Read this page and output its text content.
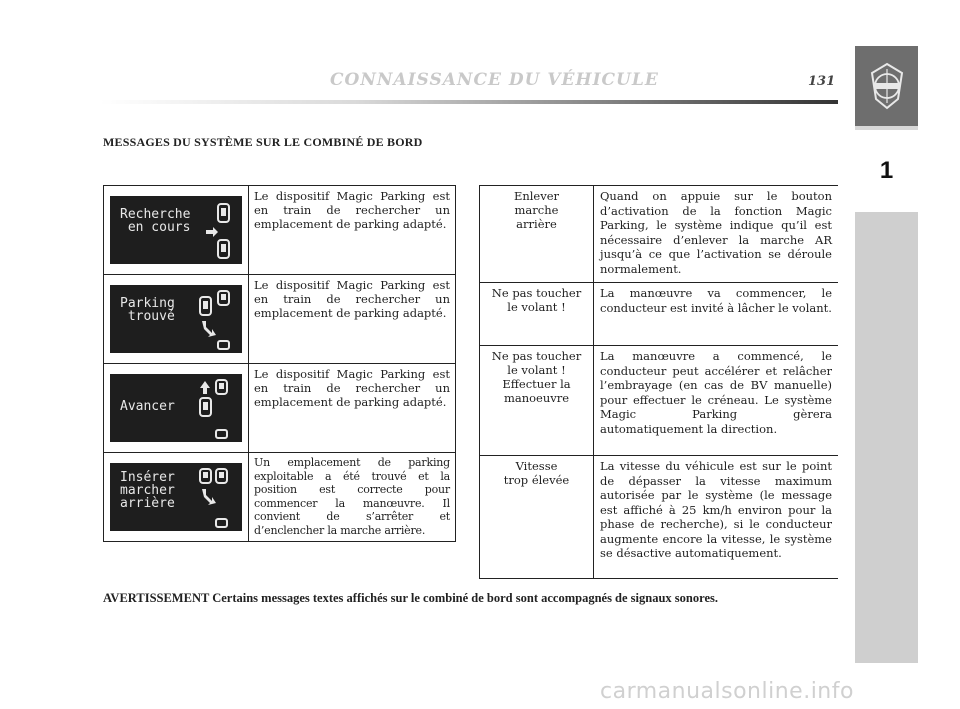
CONNAISSANCE DU VÉHICULE	131
1
MESSAGES DU SYSTÈME SUR LE COMBINÉ DE BORD
Recherche
en cours
Le dispositif Magic Parking est en train de rechercher un emplacement de parking adapté.
Parking
trouvé
Le dispositif Magic Parking est en train de rechercher un emplacement de parking adapté.
Avancer
Le dispositif Magic Parking est en train de rechercher un emplacement de parking adapté.
Insérer
marcher
arrière
Un emplacement de parking exploitable a été trouvé et la position est correcte pour commencer la manœuvre. Il convient de s’arrêter et d’enclencher la marche arrière.
Enlever
marche
arrière
Quand on appuie sur le bouton d’activation de la fonction Magic Parking, le système indique qu’il est nécessaire d’enlever la marche AR jusqu’à ce que l’activation se déroule normalement.
Ne pas toucher
le volant !
La manœuvre va commencer, le conducteur est invité à lâcher le volant.
Ne pas toucher
le volant !
Effectuer la
manoeuvre
La manœuvre a commencé, le conducteur peut accélérer et relâcher l’embrayage (en cas de BV manuelle) pour effectuer le créneau. Le système Magic Parking gèrera automatiquement la direction.
Vitesse
trop élevée
La vitesse du véhicule est sur le point de dépasser la vitesse maximum autorisée par le système (le message est affiché à 25 km/h environ pour la phase de recherche), si le conducteur augmente encore la vitesse, le système se désactive automatiquement.
AVERTISSEMENT Certains messages textes affichés sur le combiné de bord sont accompagnés de signaux sonores.
carmanualsonline.info
